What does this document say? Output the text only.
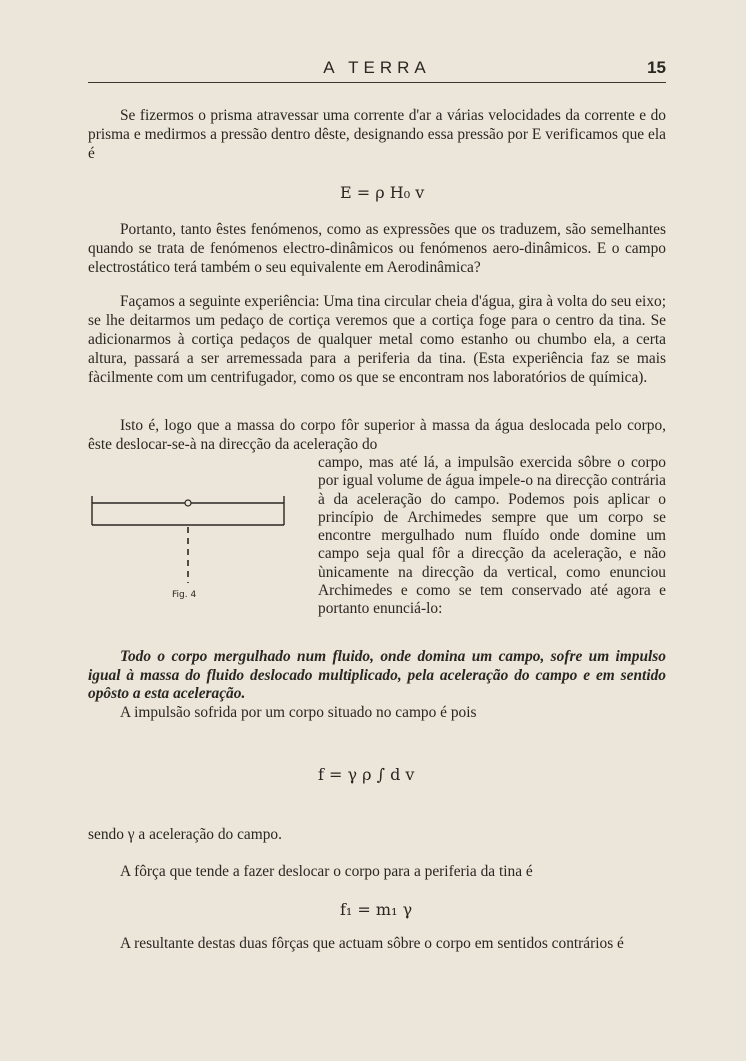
A TERRA	15

Se fizermos o prisma atravessar uma corrente d'ar a várias velocidades da corrente e do prisma e medirmos a pressão dentro dêste, designando essa pressão por E verificamos que ela é

E = ρ H₀ v

Portanto, tanto êstes fenómenos, como as expressões que os traduzem, são semelhantes quando se trata de fenómenos electro-dinâmicos ou fenómenos aero-dinâmicos. E o campo electrostático terá também o seu equivalente em Aerodinâmica?

Façamos a seguinte experiência: Uma tina circular cheia d'água, gira à volta do seu eixo; se lhe deitarmos um pedaço de cortiça veremos que a cortiça foge para o centro da tina. Se adicionarmos à cortiça pedaços de qualquer metal como estanho ou chumbo ela, a certa altura, passará a ser arremessada para a periferia da tina. (Esta experiência faz se mais fàcilmente com um centrifugador, como os que se encontram nos laboratórios de química).

Isto é, logo que a massa do corpo fôr superior à massa da água deslocada pelo corpo, êste deslocar-se-à na direcção da aceleração do

Fig. 4

campo, mas até lá, a impulsão exercida sôbre o corpo por igual volume de água impele-o na direcção contrária à da aceleração do campo. Podemos pois aplicar o princípio de Archimedes sempre que um corpo se encontre mergulhado num fluído onde domine um campo seja qual fôr a direcção da aceleração, e não ùnicamente na direcção da vertical, como enunciou Archimedes e como se tem conservado até agora e portanto enunciá-lo:

Todo o corpo mergulhado num fluido, onde domina um campo, sofre um impulso igual à massa do fluido deslocado multiplicado, pela aceleração do campo e em sentido opôsto a esta aceleração.

A impulsão sofrida por um corpo situado no campo é pois

f = γ ρ ∫ d v

sendo γ a aceleração do campo.

A fôrça que tende a fazer deslocar o corpo para a periferia da tina é

f₁ = m₁ γ

A resultante destas duas fôrças que actuam sôbre o corpo em sentidos contrários é
